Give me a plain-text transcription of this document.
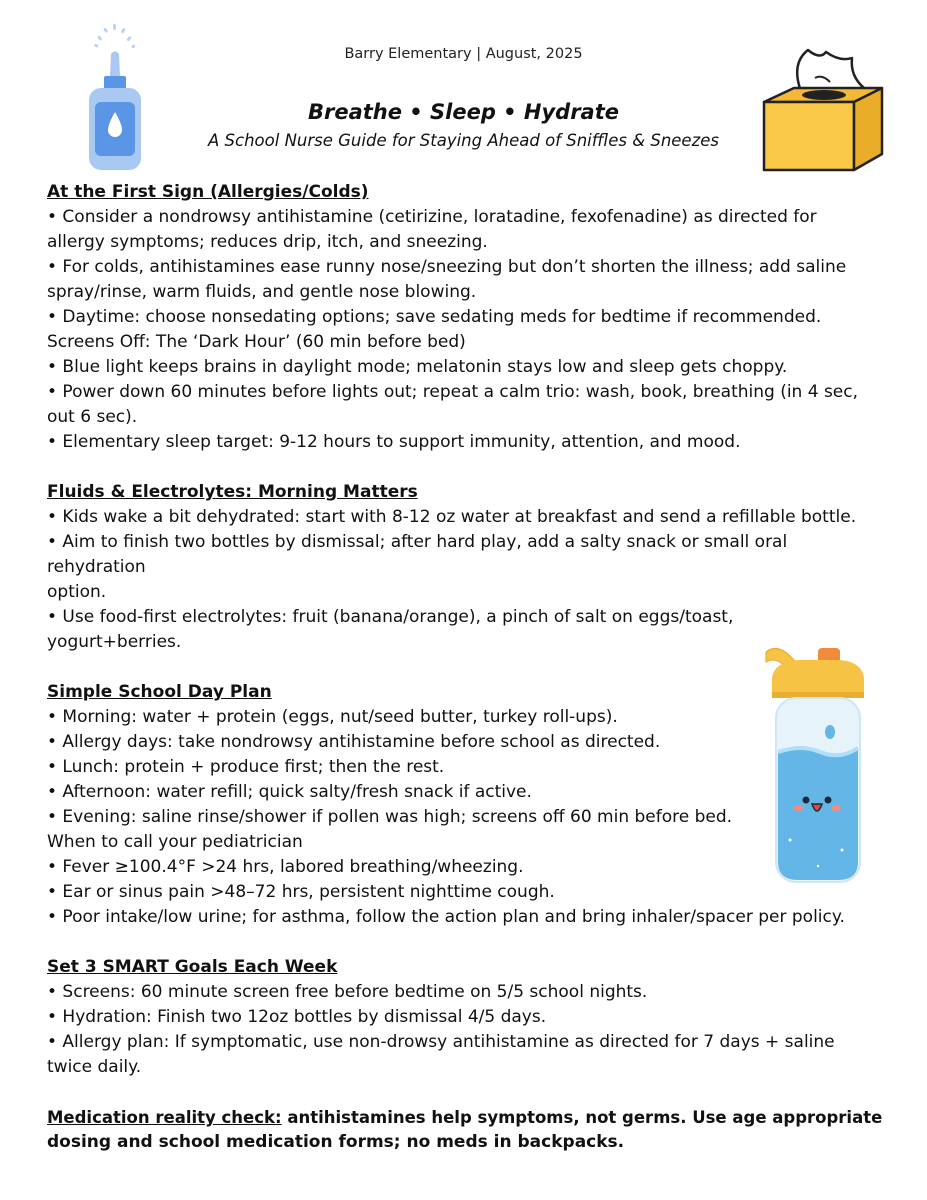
Barry Elementary | August, 2025
Breathe • Sleep • Hydrate
A School Nurse Guide for Staying Ahead of Sniffles & Sneezes
At the First Sign (Allergies/Colds)
• Consider a nondrowsy antihistamine (cetirizine, loratadine, fexofenadine) as directed for
allergy symptoms; reduces drip, itch, and sneezing.
• For colds, antihistamines ease runny nose/sneezing but don’t shorten the illness; add saline
spray/rinse, warm fluids, and gentle nose blowing.
• Daytime: choose nonsedating options; save sedating meds for bedtime if recommended.
Screens Off: The ‘Dark Hour’ (60 min before bed)
• Blue light keeps brains in daylight mode; melatonin stays low and sleep gets choppy.
• Power down 60 minutes before lights out; repeat a calm trio: wash, book, breathing (in 4 sec,
out 6 sec).
• Elementary sleep target: 9-12 hours to support immunity, attention, and mood.
Fluids & Electrolytes: Morning Matters
• Kids wake a bit dehydrated: start with 8-12 oz water at breakfast and send a refillable bottle.
• Aim to finish two bottles by dismissal; after hard play, add a salty snack or small oral
rehydration
option.
• Use food-first electrolytes: fruit (banana/orange), a pinch of salt on eggs/toast,
yogurt+berries.
Simple School Day Plan
• Morning: water + protein (eggs, nut/seed butter, turkey roll-ups).
• Allergy days: take nondrowsy antihistamine before school as directed.
• Lunch: protein + produce first; then the rest.
• Afternoon: water refill; quick salty/fresh snack if active.
• Evening: saline rinse/shower if pollen was high; screens off 60 min before bed.
When to call your pediatrician
• Fever ≥100.4°F >24 hrs, labored breathing/wheezing.
• Ear or sinus pain >48–72 hrs, persistent nighttime cough.
• Poor intake/low urine; for asthma, follow the action plan and bring inhaler/spacer per policy.
Set 3 SMART Goals Each Week
• Screens: 60 minute screen free before bedtime on 5/5 school nights.
• Hydration: Finish two 12oz bottles by dismissal 4/5 days.
• Allergy plan: If symptomatic, use non-drowsy antihistamine as directed for 7 days + saline
twice daily.
Medication reality check: antihistamines help symptoms, not germs. Use age appropriate
dosing and school medication forms; no meds in backpacks.
